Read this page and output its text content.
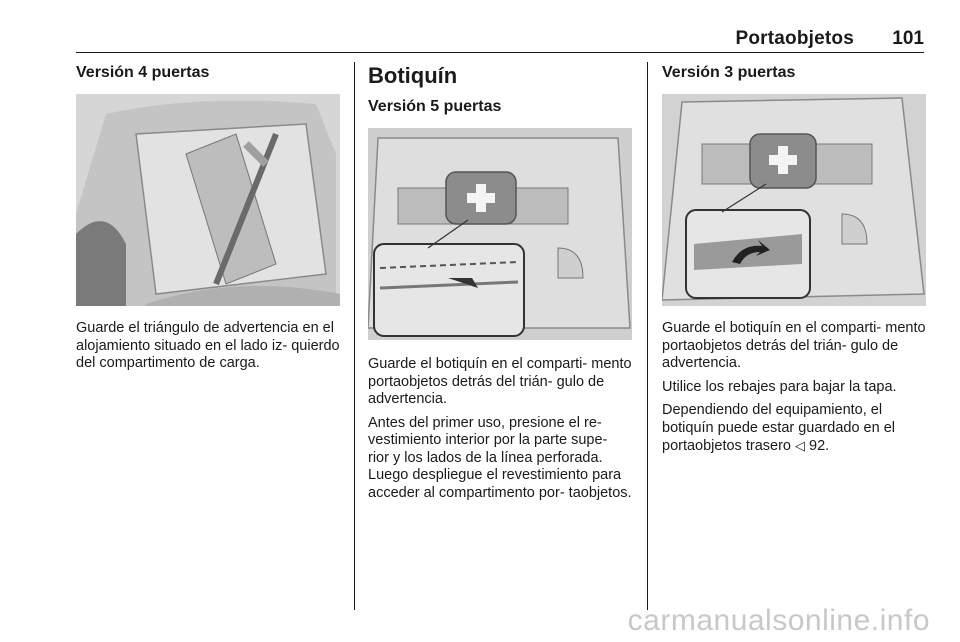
Portaobjetos 101
Versión 4 puertas

Guarde el triángulo de advertencia en el alojamiento situado en el lado iz- quierdo del compartimento de carga.

Botiquín
Versión 5 puertas

Guarde el botiquín en el comparti- mento portaobjetos detrás del trián- gulo de advertencia.

Antes del primer uso, presione el re- vestimiento interior por la parte supe- rior y los lados de la línea perforada. Luego despliegue el revestimiento para acceder al compartimento por- taobjetos.

Versión 3 puertas

Guarde el botiquín en el comparti- mento portaobjetos detrás del trián- gulo de advertencia.

Utilice los rebajes para bajar la tapa.

Dependiendo del equipamiento, el botiquín puede estar guardado en el portaobjetos trasero ◁ 92.

carmanualsonline.info
